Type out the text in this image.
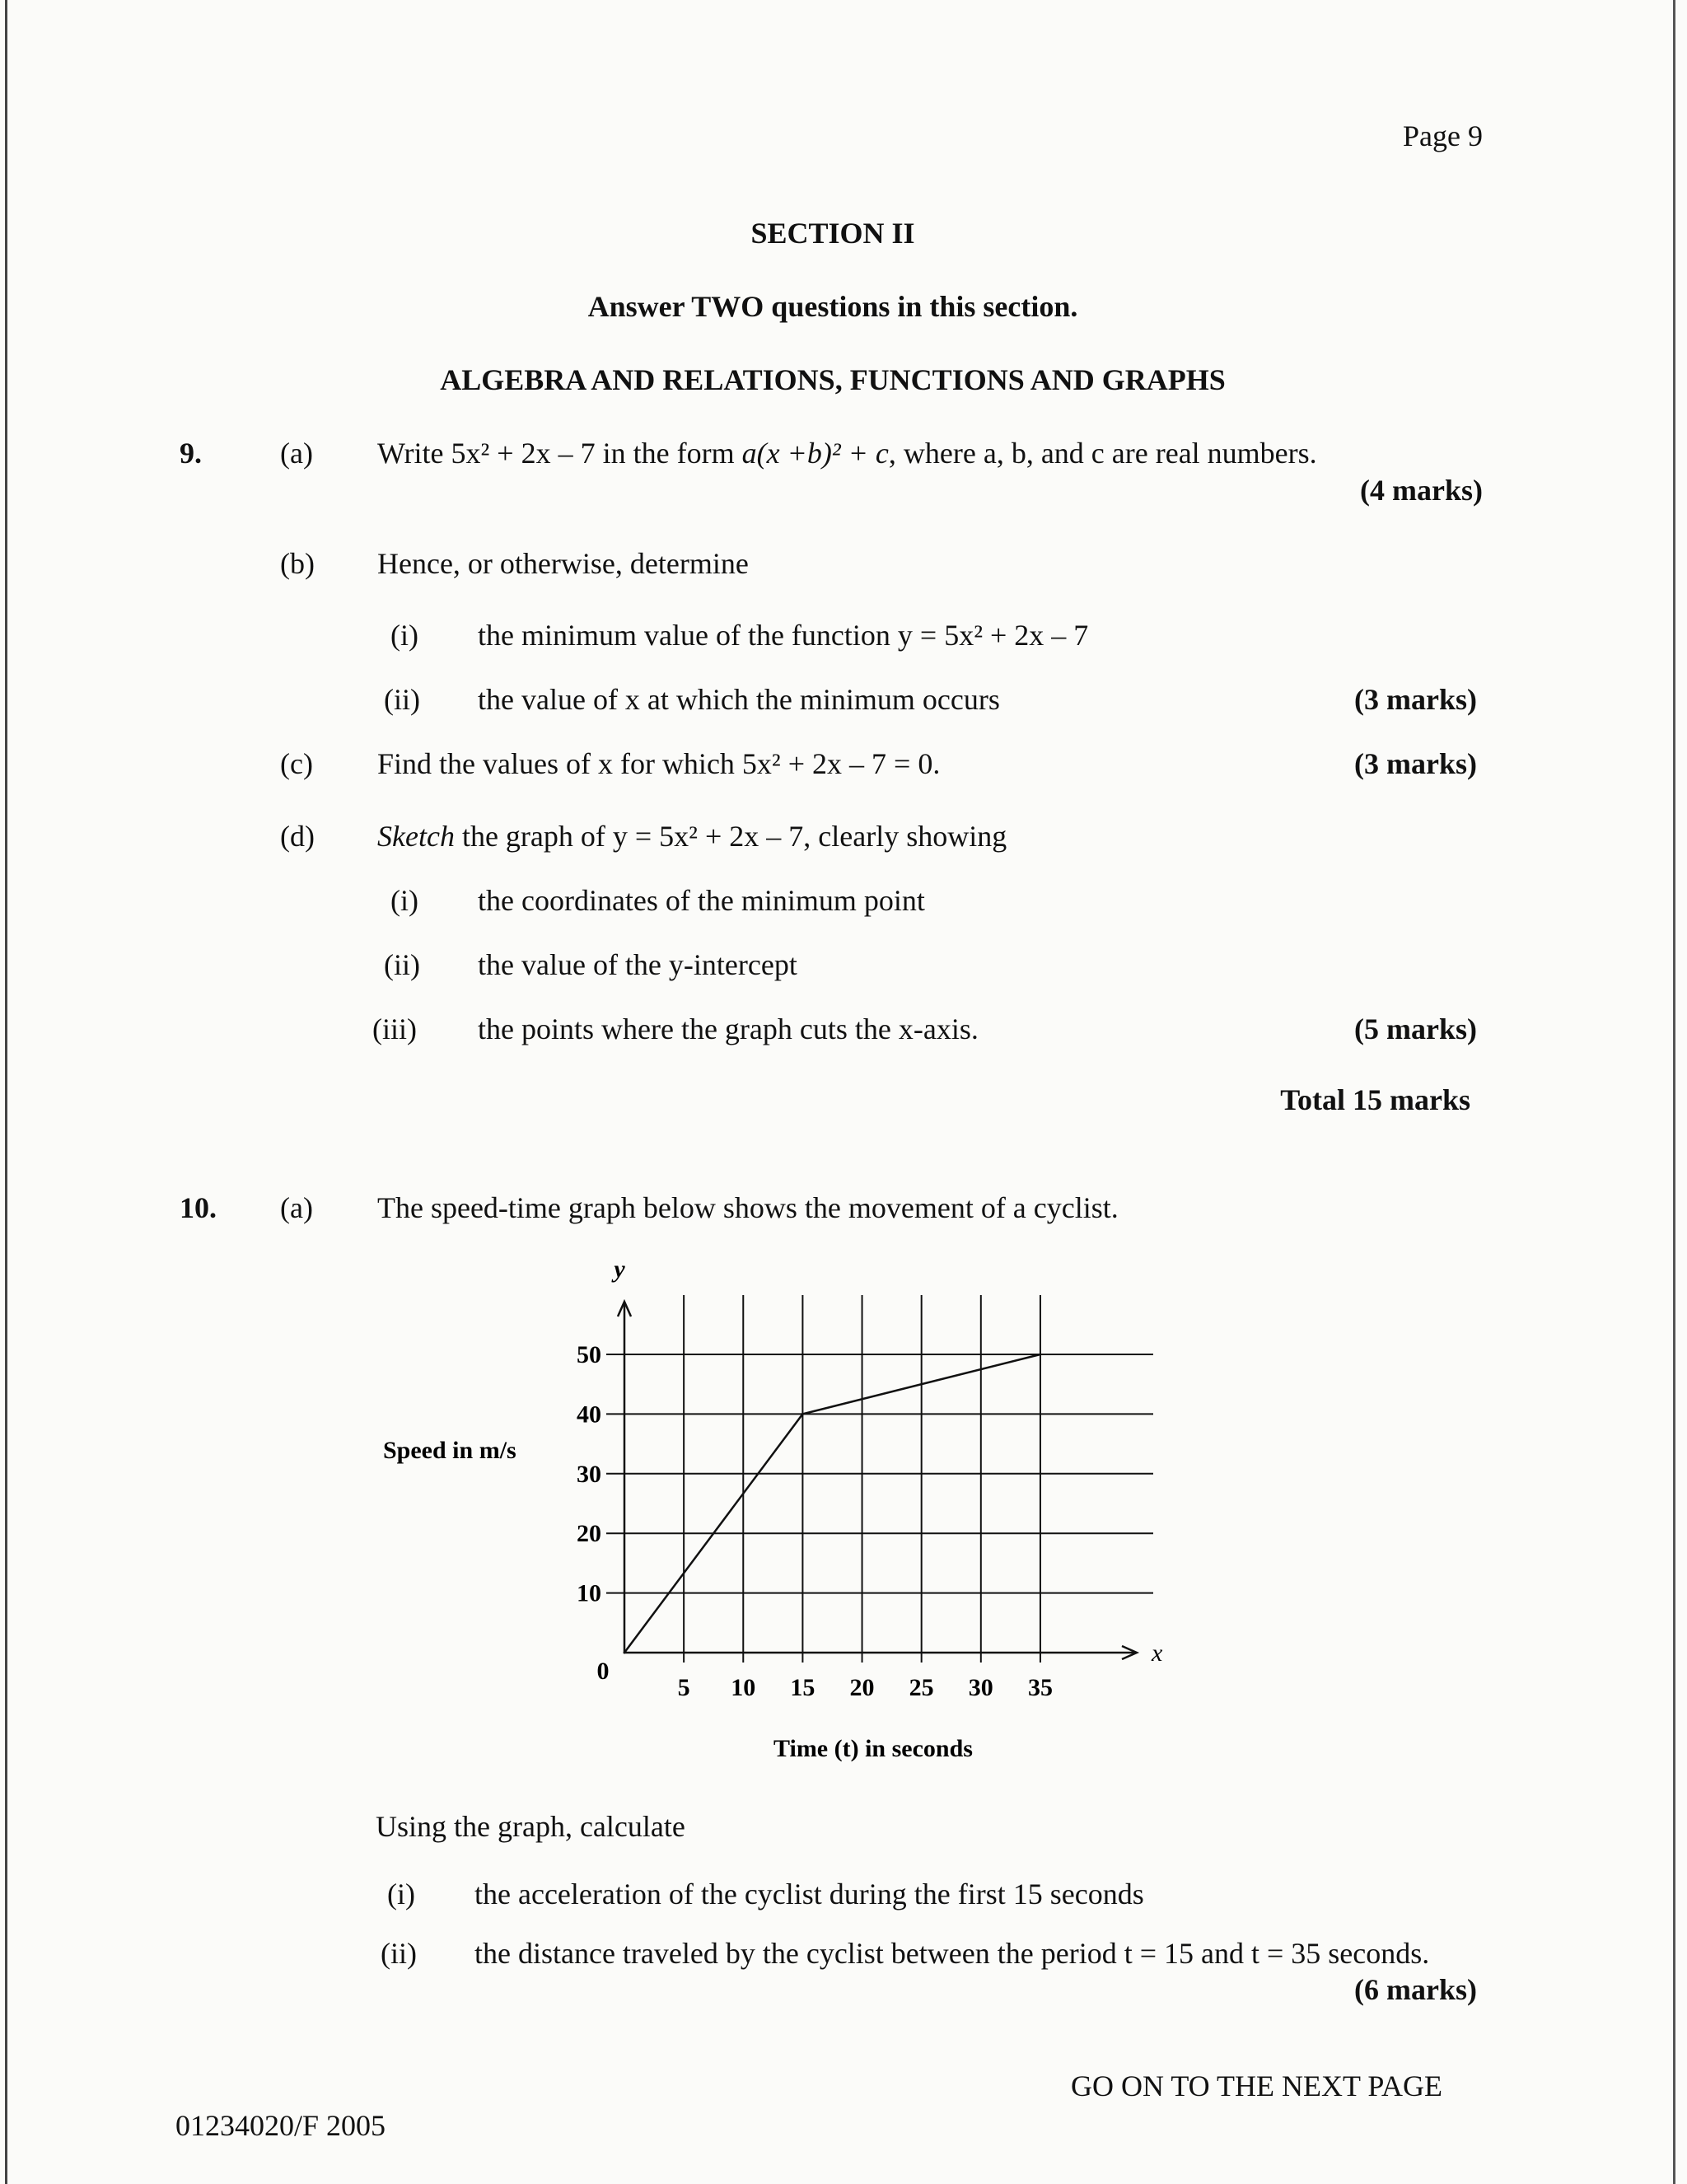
Page 9
SECTION II
Answer TWO questions in this section.
ALGEBRA AND RELATIONS, FUNCTIONS AND GRAPHS
9.	(a) Write 5x² + 2x – 7 in the form a(x +b)² + c, where a, b, and c are real numbers.
(4 marks)
(b) Hence, or otherwise, determine
(i) the minimum value of the function y = 5x² + 2x – 7
(ii) the value of x at which the minimum occurs	(3 marks)
(c) Find the values of x for which 5x² + 2x – 7 = 0.	(3 marks)
(d) Sketch the graph of y = 5x² + 2x – 7, clearly showing
(i) the coordinates of the minimum point
(ii) the value of the y-intercept
(iii) the points where the graph cuts the x-axis.	(5 marks)
Total 15 marks
10. (a) The speed-time graph below shows the movement of a cyclist.
y
x
10
20
30
40
50
5 10 15 20 25 30 35
0
Speed in m/s
Time (t) in seconds
Using the graph, calculate
(i) the acceleration of the cyclist during the first 15 seconds
(ii) the distance traveled by the cyclist between the period t = 15 and t = 35 seconds.
(6 marks)
GO ON TO THE NEXT PAGE
01234020/F 2005
